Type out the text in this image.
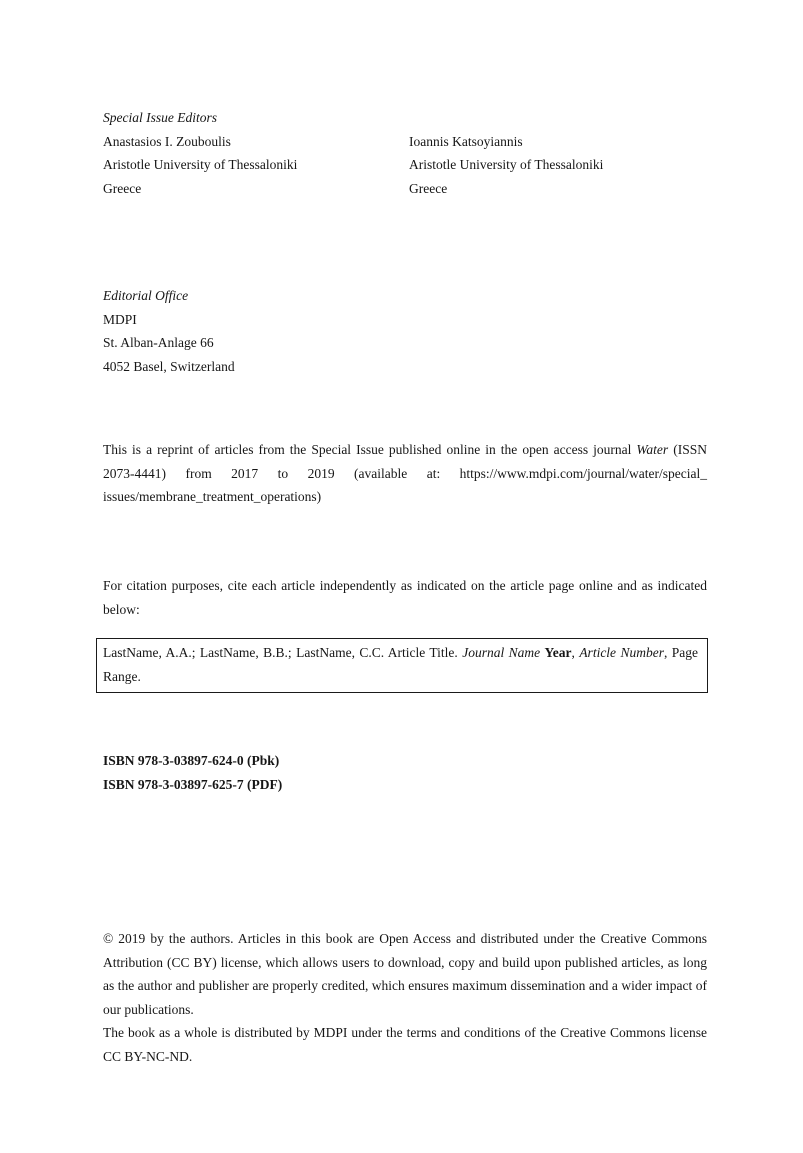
Special Issue Editors
Anastasios I. Zouboulis
Aristotle University of Thessaloniki
Greece
Ioannis Katsoyiannis
Aristotle University of Thessaloniki
Greece
Editorial Office
MDPI
St. Alban-Anlage 66
4052 Basel, Switzerland

This is a reprint of articles from the Special Issue published online in the open access journal Water (ISSN 2073-4441) from 2017 to 2019 (available at: https://www.mdpi.com/journal/water/special_issues/membrane_treatment_operations)

For citation purposes, cite each article independently as indicated on the article page online and as indicated below:

LastName, A.A.; LastName, B.B.; LastName, C.C. Article Title. Journal Name Year, Article Number, Page Range.
ISBN 978-3-03897-624-0 (Pbk)
ISBN 978-3-03897-625-7 (PDF)

© 2019 by the authors. Articles in this book are Open Access and distributed under the Creative Commons Attribution (CC BY) license, which allows users to download, copy and build upon published articles, as long as the author and publisher are properly credited, which ensures maximum dissemination and a wider impact of our publications.

The book as a whole is distributed by MDPI under the terms and conditions of the Creative Commons license CC BY-NC-ND.
